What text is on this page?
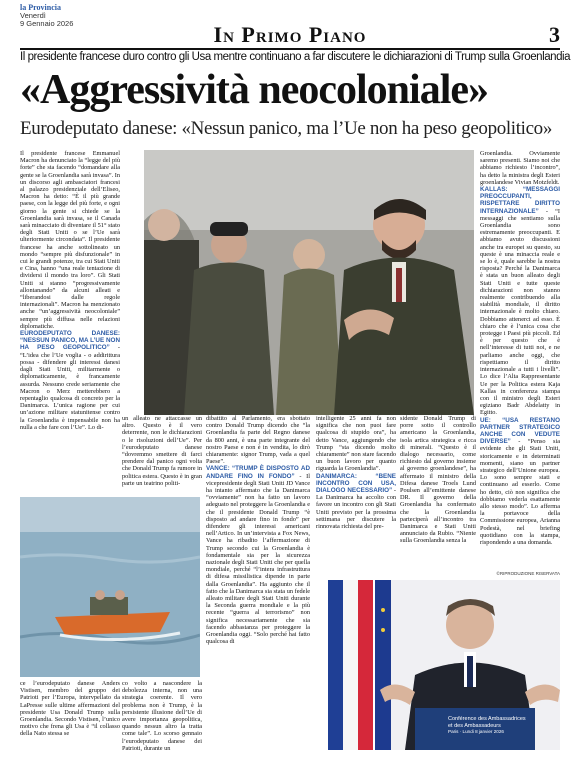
la Provincia
Venerdì
9 Gennaio 2026	In Primo Piano	3
Il presidente francese duro contro gli Usa mentre continuano a far discutere le dichiarazioni di Trump sulla Groenlandia
«Aggressività neocoloniale»
Eurodeputato danese: «Nessun panico, ma l’Ue non ha peso geopolitico»
Conférence des Ambassadrices
et des Ambassadeurs
Paris · Lundi 8 janvier 2026
©RIPRODUZIONE RISERVATA
Il presidente francese Emmanuel Macron ha denunciato la “legge del più forte” che sta facendo “domandare alla gente se la Groenlandia sarà invasa”. In un discorso agli ambasciatori francesi al palazzo presidenziale dell’Eliseo, Macron ha detto: “È il più grande paese, con la legge del più forte, e ogni giorno la gente si chiede se la Groenlandia sarà invasa, se il Canada sarà minacciato di diventare il 51° stato degli Stati Uniti o se l’Ue sarà ulteriormente circondata”. Il presidente francese ha anche sottolineato un mondo “sempre più disfunzionale” in cui le grandi potenze, tra cui Stati Uniti e Cina, hanno “una reale tentazione di dividersi il mondo tra loro”. Gli Stati Uniti si stanno “progressivamente allontanando” da alcuni alleati e “liberandosi dalle regole internazionali”. Macron ha menzionato anche “un’aggressività neocoloniale” sempre più diffusa nelle relazioni diplomatiche.
EURODEPUTATO DANESE: “NESSUN PANICO, MA L’UE NON HA PESO GEOPOLITICO” - “L’idea che l’Ue voglia - o addirittura possa - difendere gli interessi danesi dagli Stati Uniti, militarmente o diplomaticamente, è francamente assurda. Nessuno crede seriamente che Macron o Merz metterebbero a repentaglio qualcosa di concreto per la Danimarca. L’unica ragione per cui un’azione militare statunitense contro la Groenlandia è impensabile non ha nulla a che fare con l’Ue”. Lo di-
ce l’eurodeputato danese Anders Vistisen, membro del gruppo dei Patrioti per l’Europa, intervpellato da LaPresse sulle ultime affermazioni del presidente Usa Donald Trump sulla Groenlandia. Secondo Vistisen, l’unico motivo che frena gli Usa è “il collasso della Nato stessa se
un alleato ne attaccasse un altro. Questo è il vero deterrente, non le dichiarazioni o le risoluzioni dell’Ue”. Per l’eurodeputato danese “dovremmo smettere di farci prendere dal panico ogni volta che Donald Trump fa rumore in politica estera. Questo è in gran parte un teatrino politi-
co volto a nascondere la debolezza interna, non una strategia coerente. Il vero problema non è Trump, è la persistente illusione dell’Ue di avere importanza geopolitica, quando nessun altro la tratta come tale”. Lo scorso gennaio l’eurodeputato danese dei Patrioti, durante un
dibattito al Parlamento, era sbottato contro Donald Trump dicendo che “la Groenlandia fa parte del Regno danese da 800 anni, è una parte integrante del nostro Paese e non è in vendita, lo dirò chiaramente: signor Trump, vada a quel Paese”.
VANCE: “TRUMP È DISPOSTO AD ANDARE FINO IN FONDO” - Il vicepresidente degli Stati Uniti JD Vance ha intanto affermato che la Danimarca “ovviamente” non ha fatto un lavoro adeguato nel proteggere la Groenlandia e che il presidente Donald Trump “è disposto ad andare fino in fondo” per difendere gli interessi americani nell’Artico. In un’intervista a Fox News, Vance ha ribadito l’affermazione di Trump secondo cui la Groenlandia è fondamentale sia per la sicurezza nazionale degli Stati Uniti che per quella mondiale, perché “l’intera infrastruttura di difesa missilistica dipende in parte dalla Groenlandia”. Ha aggiunto che il fatto che la Danimarca sia stata un fedele alleato militare degli Stati Uniti durante la Seconda guerra mondiale e la più recente “guerra al terrorismo” non significa necessariamente che sia facendo abbastanza per proteggere la Groenlandia oggi. “Solo perché hai fatto qualcosa di
intelligente 25 anni fa non significa che non puoi fare qualcosa di stupido ora”, ha detto Vance, aggiungendo che Trump “sta dicendo molto chiaramente” non stare facendo un buon lavoro per quanto riguarda la Groenlandia”.
DANIMARCA: “BENE INCONTRO CON USA, DIALOGO NECESSARIO” - La Danimarca ha accolto con favore un incontro con gli Stati Uniti previsto per la prossima settimana per discutere la rinnovata richiesta del pre-
sidente Donald Trump di porre sotto il controllo americano la Groenlandia, isola artica strategica e ricca di minerali. “Questo è il dialogo necessario, come richiesto dal governo insieme al governo groenlandese”, ha affermato il ministro della Difesa danese Troels Lund Poulsen all’emittente danese DR. Il governo della Groenlandia ha confermato che la Groenlandia parteciperà all’incontro tra Danimarca e Stati Uniti annunciato da Rubio. “Niente sulla Groenlandia senza la
Groenlandia. Ovviamente saremo presenti. Siamo noi che abbiamo richiesto l’incontro”, ha detto la ministra degli Esteri groenlandese Vivian Motzfeldt.
KALLAS: “MESSAGGI PREOCCUPANTI, RISPETTARE DIRITTO INTERNAZIONALE” - “I messaggi che sentiamo sulla Groenlandia sono estremamente preoccupanti. E abbiamo avuto discussioni anche tra europei su questo, su queste è una minaccia reale e se lo è, quale sarebbe la nostra risposta? Perché la Danimarca è stata un buon alleato degli Stati Uniti e tutte queste dichiarazioni non stanno realmente contribuendo alla stabilità mondiale, il diritto internazionale è molto chiaro. Dobbiamo attenerci ad esso. È chiaro che è l’unica cosa che protegge i Paesi più piccoli. Ed è per questo che è nell’interesse di tutti noi, e ne parliamo anche oggi, che rispettiamo il diritto internazionale a tutti i livelli”. Lo dice l’Alta Rappresentante Ue per la Politica estera Kaja Kallas in conferenza stampa con il ministro degli Esteri egiziano Badr Abdelatty in Egitto.
UE: “USA RESTANO PARTNER STRATEGICO ANCHE CON VEDUTE DIVERSE” - “Penso sia evidente che gli Stati Uniti, storicamente e in determinati momenti, siano un partner strategico dell’Unione europea. Lo sono sempre stati e continuano ad esserlo. Come ho detto, ciò non significa che dobbiamo vederla esattamente allo stesso modo”. Lo afferma la portavoce della Commissione europea, Arianna Podestà, nel briefing quotidiano con la stampa, rispondendo a una domanda.
